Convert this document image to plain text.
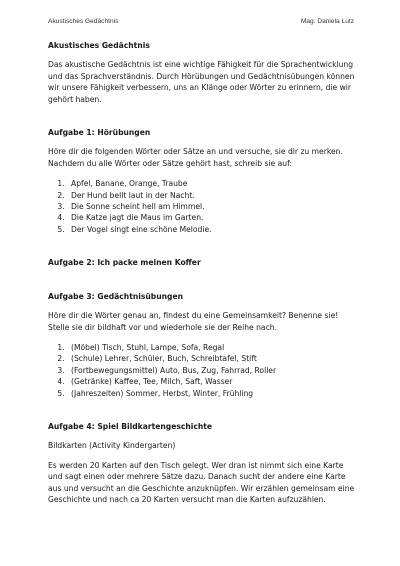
Akustisches Gedächtnis	Mag. Daniela Lutz
Akustisches Gedächtnis

Das akustische Gedächtnis ist eine wichtige Fähigkeit für die Sprachentwicklung und das Sprachverständnis. Durch Hörübungen und Gedächtnisübungen können wir unsere Fähigkeit verbessern, uns an Klänge oder Wörter zu erinnern, die wir gehört haben.

Aufgabe 1: Hörübungen

Höre dir die folgenden Wörter oder Sätze an und versuche, sie dir zu merken. Nachdem du alle Wörter oder Sätze gehört hast, schreib sie auf:

1. Apfel, Banane, Orange, Traube
2. Der Hund bellt laut in der Nacht.
3. Die Sonne scheint hell am Himmel.
4. Die Katze jagt die Maus im Garten.
5. Der Vogel singt eine schöne Melodie.
Aufgabe 2: Ich packe meinen Koffer
Aufgabe 3: Gedächtnisübungen

Höre dir die Wörter genau an, findest du eine Gemeinsamkeit? Benenne sie! Stelle sie dir bildhaft vor und wiederhole sie der Reihe nach.

1. (Möbel) Tisch, Stuhl, Lampe, Sofa, Regal
2. (Schule) Lehrer, Schüler, Buch, Schreibtafel, Stift
3. (Fortbewegungsmittel) Auto, Bus, Zug, Fahrrad, Roller
4. (Getränke) Kaffee, Tee, Milch, Saft, Wasser
5. (Jahreszeiten) Sommer, Herbst, Winter, Frühling
Aufgabe 4: Spiel Bildkartengeschichte

Bildkarten (Activity Kindergarten)

Es werden 20 Karten auf den Tisch gelegt. Wer dran ist nimmt sich eine Karte und sagt einen oder mehrere Sätze dazu. Danach sucht der andere eine Karte aus und versucht an die Geschichte anzuknüpfen. Wir erzählen gemeinsam eine Geschichte und nach ca 20 Karten versucht man die Karten aufzuzählen.
